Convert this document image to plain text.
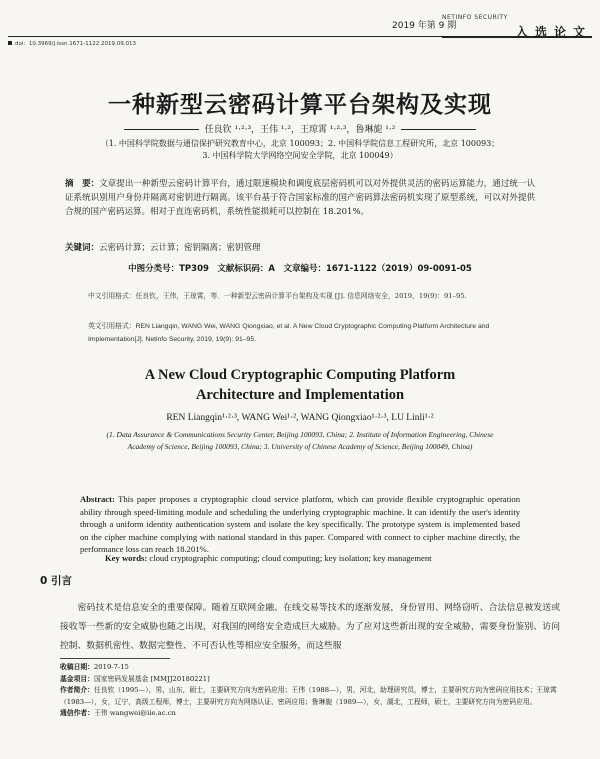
2019 年第 9 期
NETINFO SECURITY
入选论文
doi：10.3969/j.issn.1671-1122.2019.09.013
一种新型云密码计算平台架构及实现
任良钦 ¹·²·³，王伟 ¹·²，王琼霄 ¹·²·³，鲁琳旎 ¹·²
（1. 中国科学院数据与通信保护研究教育中心，北京 100093；2. 中国科学院信息工程研究所，北京 100093；
3. 中国科学院大学网络空间安全学院，北京 100049）
摘　要：文章提出一种新型云密码计算平台，通过限速模块和调度底层密码机可以对外提供灵活的密码运算能力，通过统一认证系统识别用户身份并隔离对密钥进行隔离。该平台基于符合国家标准的国产密码算法密码机实现了原型系统，可以对外提供合规的国产密码运算。相对于直连密码机，系统性能损耗可以控制在 18.201%。
关键词：云密码计算；云计算；密钥隔离；密钥管理
中图分类号：TP309　文献标识码：A　文章编号：1671-1122（2019）09-0091-05
中文引用格式：任良钦，王伟，王琼霄，等．一种新型云密码计算平台架构及实现 [J]. 信息网络安全，2019，19(9)：91–95.
英文引用格式：REN Liangqin, WANG Wei, WANG Qiongxiao, et al. A New Cloud Cryptographic Computing Platform Architecture and Implementation[J]. Netinfo Security, 2019, 19(9): 91–95.
A New Cloud Cryptographic Computing Platform
Architecture and Implementation
REN Liangqin¹·²·³, WANG Wei¹·², WANG Qiongxiao¹·²·³, LU Linli¹·²
(1. Data Assurance & Communications Security Center, Beijing 100093, China; 2. Institute of Information Engineering, Chinese Academy of Science, Beijing 100093, China; 3. University of Chinese Academy of Science, Beijing 100049, China)
Abstract: This paper proposes a cryptographic cloud service platform, which can provide flexible cryptographic operation ability through speed-limiting module and scheduling the underlying cryptographic machine. It can identify the user's identity through a uniform identity authentication system and isolate the key specifically. The prototype system is implemented based on the cipher machine complying with national standard in this paper. Compared with connect to cipher machine directly, the performance loss can reach 18.201%.
Key words: cloud cryptographic computing; cloud computing; key isolation; key management
0 引言
密码技术是信息安全的重要保障。随着互联网金融、在线交易等技术的逐渐发展，身份冒用、网络窃听、合法信息被发送或接收等一些新的安全威胁也随之出现，对我国的网络安全造成巨大威胁。为了应对这些新出现的安全威胁，需要身份鉴别、访问控制、数据机密性、数据完整性、不可否认性等相应安全服务，而这些服
收稿日期：2019-7-15
基金项目：国家密码发展基金 [MMJJ20180221]
作者简介：任良钦（1995—），男，山东，硕士，主要研究方向为密码应用；王伟（1988—），男，河北，助理研究员，博士，主要研究方向为密码应用技术；王琼霄（1983—），女，辽宁，高级工程师，博士，主要研究方向为网络认证、密码应用；鲁琳旎（1989—），女，湖北，工程师，硕士，主要研究方向为密码应用。
通信作者：王伟 wangwei@iie.ac.cn
